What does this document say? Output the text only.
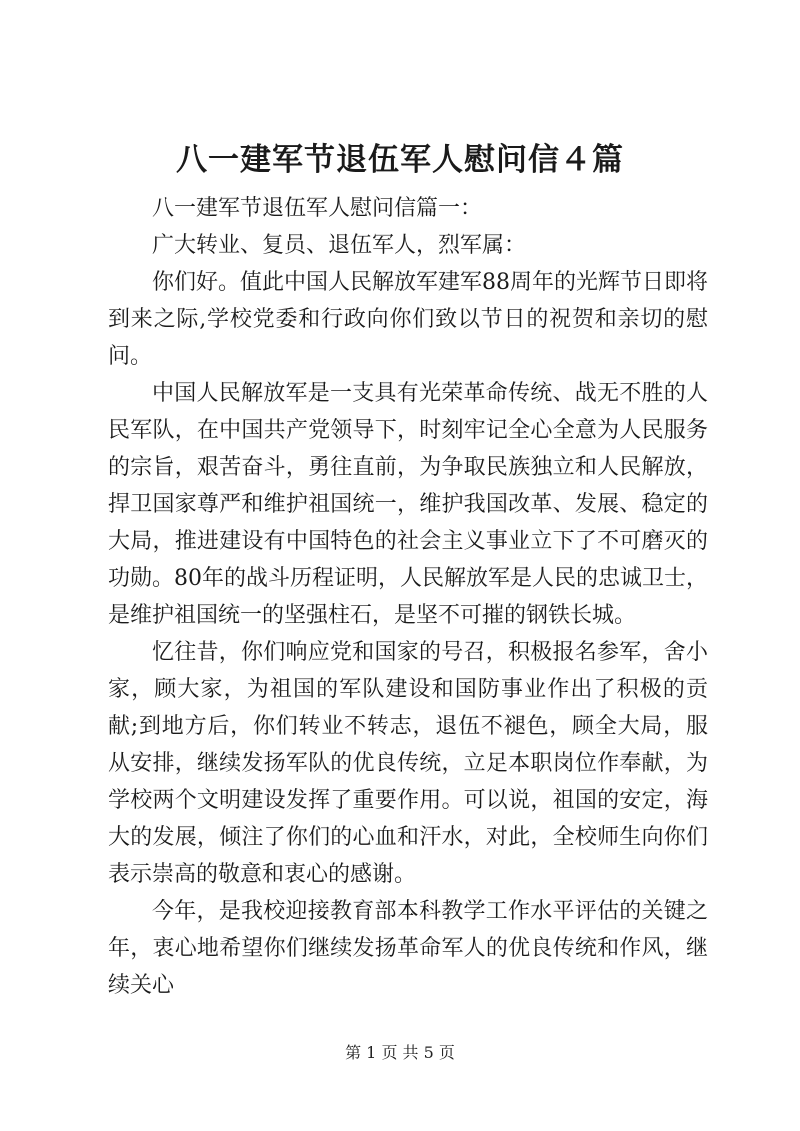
八一建军节退伍军人慰问信４篇

八一建军节退伍军人慰问信篇一：

广大转业、复员、退伍军人，烈军属：

你们好。值此中国人民解放军建军88周年的光辉节日即将到来之际,学校党委和行政向你们致以节日的祝贺和亲切的慰问。

中国人民解放军是一支具有光荣革命传统、战无不胜的人民军队，在中国共产党领导下，时刻牢记全心全意为人民服务的宗旨，艰苦奋斗，勇往直前，为争取民族独立和人民解放，捍卫国家尊严和维护祖国统一，维护我国改革、发展、稳定的大局，推进建设有中国特色的社会主义事业立下了不可磨灭的功勋。80年的战斗历程证明，人民解放军是人民的忠诚卫士，是维护祖国统一的坚强柱石，是坚不可摧的钢铁长城。

忆往昔，你们响应党和国家的号召，积极报名参军，舍小家，顾大家，为祖国的军队建设和国防事业作出了积极的贡献;到地方后，你们转业不转志，退伍不褪色，顾全大局，服从安排，继续发扬军队的优良传统，立足本职岗位作奉献，为学校两个文明建设发挥了重要作用。可以说，祖国的安定，海大的发展，倾注了你们的心血和汗水，对此，全校师生向你们表示崇高的敬意和衷心的感谢。

今年，是我校迎接教育部本科教学工作水平评估的关键之年，衷心地希望你们继续发扬革命军人的优良传统和作风，继续关心

第 1 页 共 5 页
